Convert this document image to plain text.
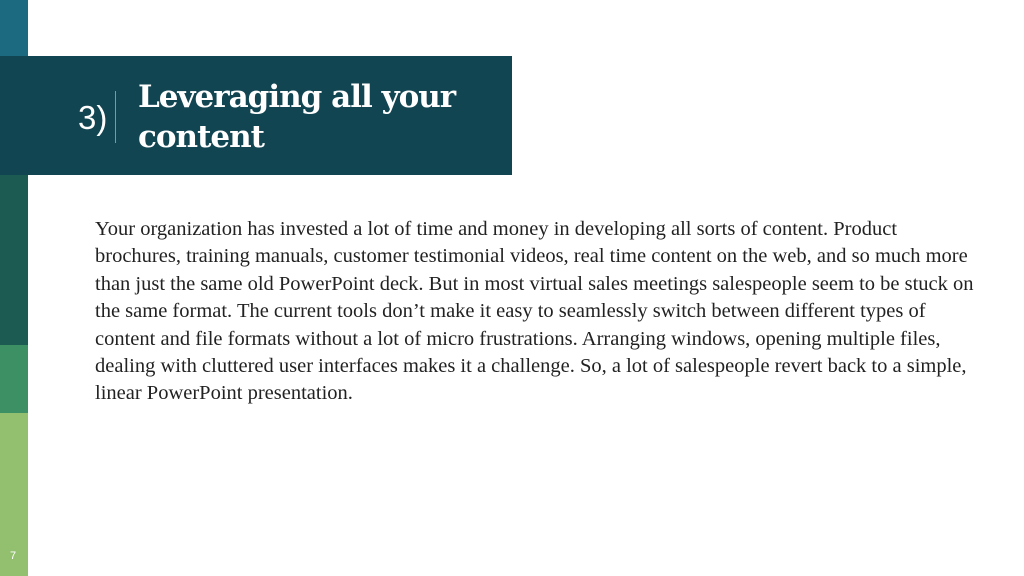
3)
Leveraging all your content

Your organization has invested a lot of time and money in developing all sorts of content. Product brochures, training manuals, customer testimonial videos, real time content on the web, and so much more than just the same old PowerPoint deck. But in most virtual sales meetings salespeople seem to be stuck on the same format. The current tools don’t make it easy to seamlessly switch between different types of content and file formats without a lot of micro frustrations. Arranging windows, opening multiple files, dealing with cluttered user interfaces makes it a challenge. So, a lot of salespeople revert back to a simple, linear PowerPoint presentation.

7
